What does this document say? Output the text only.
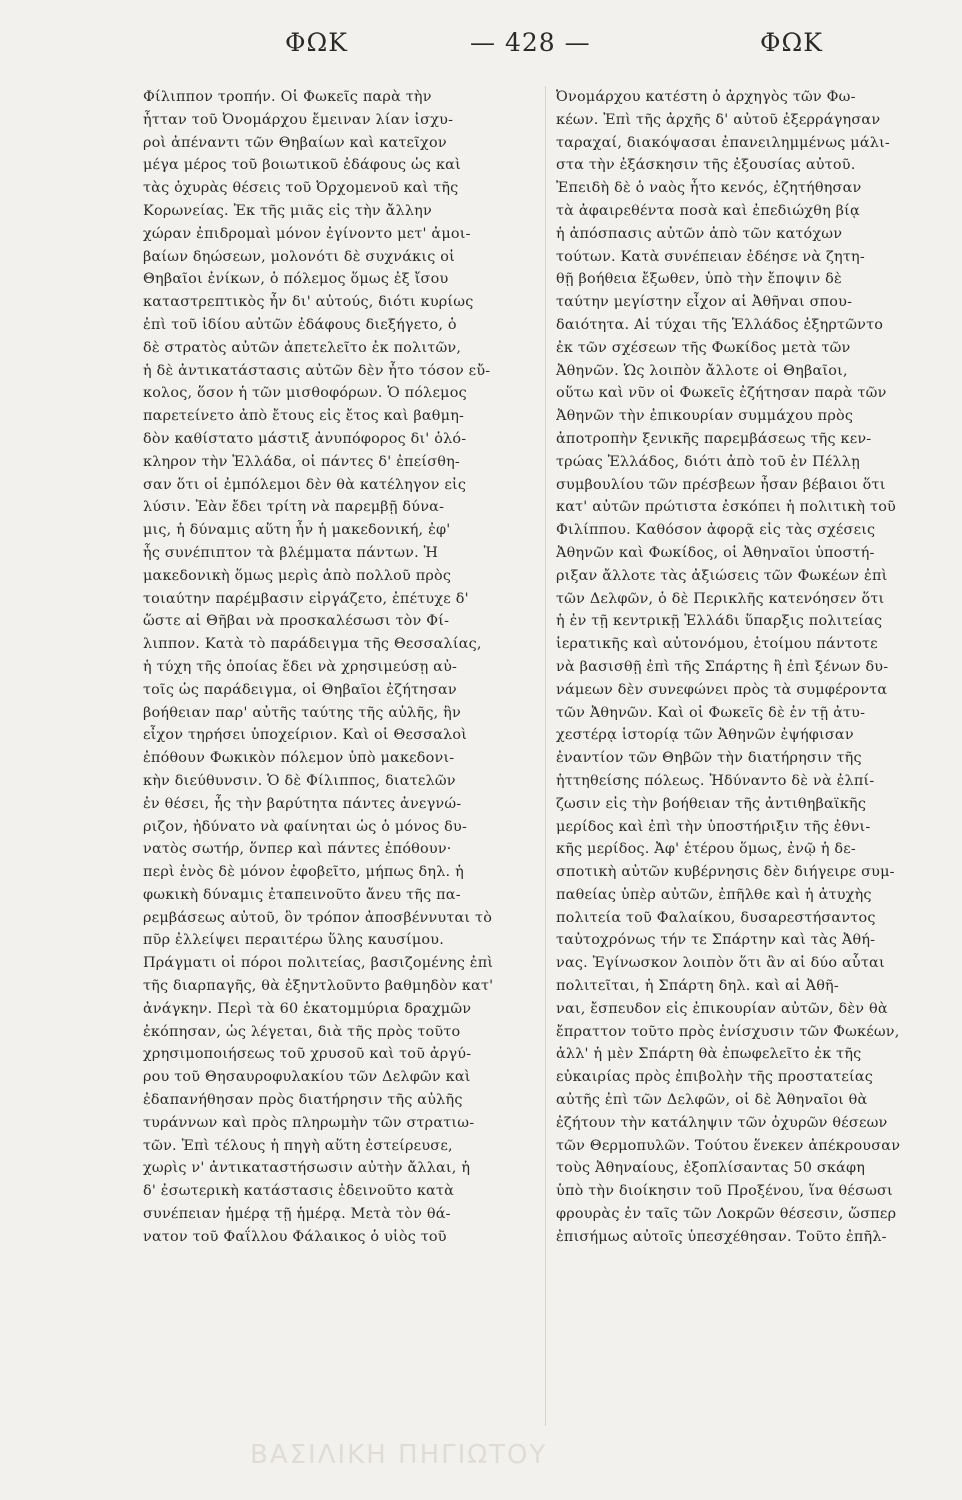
ΦΩΚ	— 428 —	ΦΩΚ
Φίλιππον τροπήν. Οἱ Φωκεῖς παρὰ τὴν
ἧτταν τοῦ Ὀνομάρχου ἔμειναν λίαν ἰσχυ-
ροὶ ἀπέναντι τῶν Θηβαίων καὶ κατεῖχον
μέγα μέρος τοῦ βοιωτικοῦ ἐδάφους ὡς καὶ
τὰς ὀχυρὰς θέσεις τοῦ Ὀρχομενοῦ καὶ τῆς
Κορωνείας. Ἐκ τῆς μιᾶς εἰς τὴν ἄλλην
χώραν ἐπιδρομαὶ μόνον ἐγίνοντο μετ' ἀμοι-
βαίων δηώσεων, μολονότι δὲ συχνάκις οἱ
Θηβαῖοι ἐνίκων, ὁ πόλεμος ὅμως ἐξ ἴσου
καταστρεπτικὸς ἦν δι' αὐτούς, διότι κυρίως
ἐπὶ τοῦ ἰδίου αὐτῶν ἐδάφους διεξήγετο, ὁ
δὲ στρατὸς αὐτῶν ἀπετελεῖτο ἐκ πολιτῶν,
ἡ δὲ ἀντικατάστασις αὐτῶν δὲν ἦτο τόσον εὔ-
κολος, ὅσον ἡ τῶν μισθοφόρων. Ὁ πόλεμος
παρετείνετο ἀπὸ ἔτους εἰς ἔτος καὶ βαθμη-
δὸν καθίστατο μάστιξ ἀνυπόφορος δι' ὁλό-
κληρον τὴν Ἑλλάδα, οἱ πάντες δ' ἐπείσθη-
σαν ὅτι οἱ ἐμπόλεμοι δὲν θὰ κατέληγον εἰς
λύσιν. Ἐὰν ἔδει τρίτη νὰ παρεμβῇ δύνα-
μις, ἡ δύναμις αὕτη ἦν ἡ μακεδονική, ἐφ'
ἧς συνέπιπτον τὰ βλέμματα πάντων. Ἡ
μακεδονικὴ ὅμως μερὶς ἀπὸ πολλοῦ πρὸς
τοιαύτην παρέμβασιν εἰργάζετο, ἐπέτυχε δ'
ὥστε αἱ Θῆβαι νὰ προσκαλέσωσι τὸν Φί-
λιππον. Κατὰ τὸ παράδειγμα τῆς Θεσσαλίας,
ἡ τύχη τῆς ὁποίας ἔδει νὰ χρησιμεύσῃ αὐ-
τοῖς ὡς παράδειγμα, οἱ Θηβαῖοι ἐζήτησαν
βοήθειαν παρ' αὐτῆς ταύτης τῆς αὐλῆς, ἣν
εἶχον τηρήσει ὑποχείριον. Καὶ οἱ Θεσσαλοὶ
ἐπόθουν Φωκικὸν πόλεμον ὑπὸ μακεδονι-
κὴν διεύθυνσιν. Ὁ δὲ Φίλιππος, διατελῶν
ἐν θέσει, ἧς τὴν βαρύτητα πάντες ἀνεγνώ-
ριζον, ἠδύνατο νὰ φαίνηται ὡς ὁ μόνος δυ-
νατὸς σωτήρ, ὅνπερ καὶ πάντες ἐπόθουν·
περὶ ἑνὸς δὲ μόνον ἐφοβεῖτο, μήπως δηλ. ἡ
φωκικὴ δύναμις ἐταπεινοῦτο ἄνευ τῆς πα-
ρεμβάσεως αὐτοῦ, ὃν τρόπον ἀποσβέννυται τὸ
πῦρ ἐλλείψει περαιτέρω ὕλης καυσίμου.
Πράγματι οἱ πόροι πολιτείας, βασιζομένης ἐπὶ
τῆς διαρπαγῆς, θὰ ἐξηντλοῦντο βαθμηδὸν κατ'
ἀνάγκην. Περὶ τὰ 60 ἑκατομμύρια δραχμῶν
ἐκόπησαν, ὡς λέγεται, διὰ τῆς πρὸς τοῦτο
χρησιμοποιήσεως τοῦ χρυσοῦ καὶ τοῦ ἀργύ-
ρου τοῦ Θησαυροφυλακίου τῶν Δελφῶν καὶ
ἐδαπανήθησαν πρὸς διατήρησιν τῆς αὐλῆς
τυράννων καὶ πρὸς πληρωμὴν τῶν στρατιω-
τῶν. Ἐπὶ τέλους ἡ πηγὴ αὕτη ἐστείρευσε,
χωρὶς ν' ἀντικαταστήσωσιν αὐτὴν ἄλλαι, ἡ
δ' ἐσωτερικὴ κατάστασις ἐδεινοῦτο κατὰ
συνέπειαν ἡμέρᾳ τῇ ἡμέρᾳ. Μετὰ τὸν θά-
νατον τοῦ Φαΐλλου Φάλαικος ὁ υἱὸς τοῦ
Ὀνομάρχου κατέστη ὁ ἀρχηγὸς τῶν Φω-
κέων. Ἐπὶ τῆς ἀρχῆς δ' αὐτοῦ ἐξερράγησαν
ταραχαί, διακόψασαι ἐπανειλημμένως μάλι-
στα τὴν ἐξάσκησιν τῆς ἐξουσίας αὐτοῦ.
Ἐπειδὴ δὲ ὁ ναὸς ἦτο κενός, ἐζητήθησαν
τὰ ἀφαιρεθέντα ποσὰ καὶ ἐπεδιώχθη βίᾳ
ἡ ἀπόσπασις αὐτῶν ἀπὸ τῶν κατόχων
τούτων. Κατὰ συνέπειαν ἐδέησε νὰ ζητη-
θῇ βοήθεια ἔξωθεν, ὑπὸ τὴν ἔποψιν δὲ
ταύτην μεγίστην εἶχον αἱ Ἀθῆναι σπου-
δαιότητα. Αἱ τύχαι τῆς Ἑλλάδος ἐξηρτῶντο
ἐκ τῶν σχέσεων τῆς Φωκίδος μετὰ τῶν
Ἀθηνῶν. Ὡς λοιπὸν ἄλλοτε οἱ Θηβαῖοι,
οὕτω καὶ νῦν οἱ Φωκεῖς ἐζήτησαν παρὰ τῶν
Ἀθηνῶν τὴν ἐπικουρίαν συμμάχου πρὸς
ἀποτροπὴν ξενικῆς παρεμβάσεως τῆς κεν-
τρώας Ἑλλάδος, διότι ἀπὸ τοῦ ἐν Πέλλῃ
συμβουλίου τῶν πρέσβεων ἦσαν βέβαιοι ὅτι
κατ' αὐτῶν πρώτιστα ἐσκόπει ἡ πολιτικὴ τοῦ
Φιλίππου. Καθόσον ἀφορᾷ εἰς τὰς σχέσεις
Ἀθηνῶν καὶ Φωκίδος, οἱ Ἀθηναῖοι ὑποστή-
ριξαν ἄλλοτε τὰς ἀξιώσεις τῶν Φωκέων ἐπὶ
τῶν Δελφῶν, ὁ δὲ Περικλῆς κατενόησεν ὅτι
ἡ ἐν τῇ κεντρικῇ Ἑλλάδι ὕπαρξις πολιτείας
ἱερατικῆς καὶ αὐτονόμου, ἑτοίμου πάντοτε
νὰ βασισθῇ ἐπὶ τῆς Σπάρτης ἢ ἐπὶ ξένων δυ-
νάμεων δὲν συνεφώνει πρὸς τὰ συμφέροντα
τῶν Ἀθηνῶν. Καὶ οἱ Φωκεῖς δὲ ἐν τῇ ἀτυ-
χεστέρᾳ ἱστορίᾳ τῶν Ἀθηνῶν ἐψήφισαν
ἐναντίον τῶν Θηβῶν τὴν διατήρησιν τῆς
ἡττηθείσης πόλεως. Ἠδύναντο δὲ νὰ ἐλπί-
ζωσιν εἰς τὴν βοήθειαν τῆς ἀντιθηβαϊκῆς
μερίδος καὶ ἐπὶ τὴν ὑποστήριξιν τῆς ἐθνι-
κῆς μερίδος. Ἀφ' ἑτέρου ὅμως, ἐνῷ ἡ δε-
σποτικὴ αὐτῶν κυβέρνησις δὲν διήγειρε συμ-
παθείας ὑπὲρ αὐτῶν, ἐπῆλθε καὶ ἡ ἀτυχὴς
πολιτεία τοῦ Φαλαίκου, δυσαρεστήσαντος
ταὐτοχρόνως τήν τε Σπάρτην καὶ τὰς Ἀθή-
νας. Ἐγίνωσκον λοιπὸν ὅτι ἂν αἱ δύο αὗται
πολιτεῖται, ἡ Σπάρτη δηλ. καὶ αἱ Ἀθῆ-
ναι, ἔσπευδον εἰς ἐπικουρίαν αὐτῶν, δὲν θὰ
ἔπραττον τοῦτο πρὸς ἐνίσχυσιν τῶν Φωκέων,
ἀλλ' ἡ μὲν Σπάρτη θὰ ἐπωφελεῖτο ἐκ τῆς
εὐκαιρίας πρὸς ἐπιβολὴν τῆς προστατείας
αὐτῆς ἐπὶ τῶν Δελφῶν, οἱ δὲ Ἀθηναῖοι θὰ
ἐζήτουν τὴν κατάληψιν τῶν ὀχυρῶν θέσεων
τῶν Θερμοπυλῶν. Τούτου ἕνεκεν ἀπέκρουσαν
τοὺς Ἀθηναίους, ἐξοπλίσαντας 50 σκάφη
ὑπὸ τὴν διοίκησιν τοῦ Προξένου, ἵνα θέσωσι
φρουρὰς ἐν ταῖς τῶν Λοκρῶν θέσεσιν, ὥσπερ
ἐπισήμως αὐτοῖς ὑπεσχέθησαν. Τοῦτο ἐπῆλ-
ΒΑΣΙΛΙΚΗ ΠΗΓΙΩΤΟΥ
